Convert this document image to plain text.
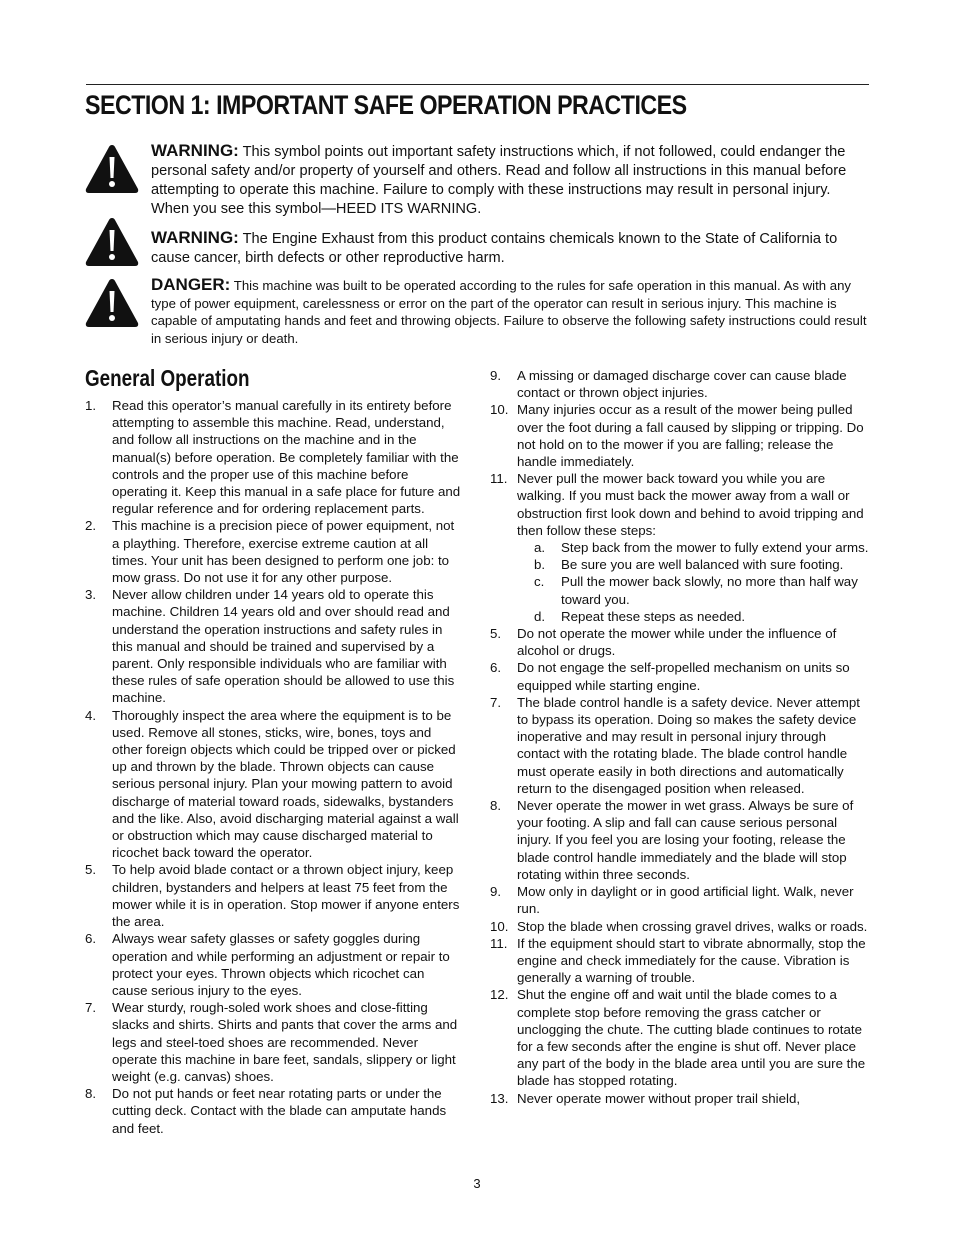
SECTION 1: IMPORTANT SAFE OPERATION PRACTICES

WARNING: This symbol points out important safety instructions which, if not followed, could endanger the personal safety and/or property of yourself and others. Read and follow all instructions in this manual before attempting to operate this machine. Failure to comply with these instructions may result in personal injury. When you see this symbol—HEED ITS WARNING.

WARNING: The Engine Exhaust from this product contains chemicals known to the State of California to cause cancer, birth defects or other reproductive harm.

DANGER: This machine was built to be operated according to the rules for safe operation in this manual. As with any type of power equipment, carelessness or error on the part of the operator can result in serious injury. This machine is capable of amputating hands and feet and throwing objects. Failure to observe the following safety instructions could result in serious injury or death.

General Operation
1. Read this operator’s manual carefully in its entirety before attempting to assemble this machine. Read, understand, and follow all instructions on the machine and in the manual(s) before operation. Be completely familiar with the controls and the proper use of this machine before operating it. Keep this manual in a safe place for future and regular reference and for ordering replacement parts.
2. This machine is a precision piece of power equipment, not a plaything. Therefore, exercise extreme caution at all times. Your unit has been designed to perform one job: to mow grass. Do not use it for any other purpose.
3. Never allow children under 14 years old to operate this machine. Children 14 years old and over should read and understand the operation instructions and safety rules in this manual and should be trained and supervised by a parent. Only responsible individuals who are familiar with these rules of safe operation should be allowed to use this machine.
4. Thoroughly inspect the area where the equipment is to be used. Remove all stones, sticks, wire, bones, toys and other foreign objects which could be tripped over or picked up and thrown by the blade. Thrown objects can cause serious personal injury. Plan your mowing pattern to avoid discharge of material toward roads, sidewalks, bystanders and the like. Also, avoid discharging material against a wall or obstruction which may cause discharged material to ricochet back toward the operator.
5. To help avoid blade contact or a thrown object injury, keep children, bystanders and helpers at least 75 feet from the mower while it is in operation. Stop mower if anyone enters the area.
6. Always wear safety glasses or safety goggles during operation and while performing an adjustment or repair to protect your eyes. Thrown objects which ricochet can cause serious injury to the eyes.
7. Wear sturdy, rough-soled work shoes and close-fitting slacks and shirts. Shirts and pants that cover the arms and legs and steel-toed shoes are recommended. Never operate this machine in bare feet, sandals, slippery or light weight (e.g. canvas) shoes.
8. Do not put hands or feet near rotating parts or under the cutting deck. Contact with the blade can amputate hands and feet.
9. A missing or damaged discharge cover can cause blade contact or thrown object injuries.
10. Many injuries occur as a result of the mower being pulled over the foot during a fall caused by slipping or tripping. Do not hold on to the mower if you are falling; release the handle immediately.
11. Never pull the mower back toward you while you are walking. If you must back the mower away from a wall or obstruction first look down and behind to avoid tripping and then follow these steps:
a. Step back from the mower to fully extend your arms.
b. Be sure you are well balanced with sure footing.
c. Pull the mower back slowly, no more than half way toward you.
d. Repeat these steps as needed.
5. Do not operate the mower while under the influence of alcohol or drugs.
6. Do not engage the self-propelled mechanism on units so equipped while starting engine.
7. The blade control handle is a safety device. Never attempt to bypass its operation. Doing so makes the safety device inoperative and may result in personal injury through contact with the rotating blade. The blade control handle must operate easily in both directions and automatically return to the disengaged position when released.
8. Never operate the mower in wet grass. Always be sure of your footing. A slip and fall can cause serious personal injury. If you feel you are losing your footing, release the blade control handle immediately and the blade will stop rotating within three seconds.
9. Mow only in daylight or in good artificial light. Walk, never run.
10. Stop the blade when crossing gravel drives, walks or roads.
11. If the equipment should start to vibrate abnormally, stop the engine and check immediately for the cause. Vibration is generally a warning of trouble.
12. Shut the engine off and wait until the blade comes to a complete stop before removing the grass catcher or unclogging the chute. The cutting blade continues to rotate for a few seconds after the engine is shut off. Never place any part of the body in the blade area until you are sure the blade has stopped rotating.
13. Never operate mower without proper trail shield,
3
